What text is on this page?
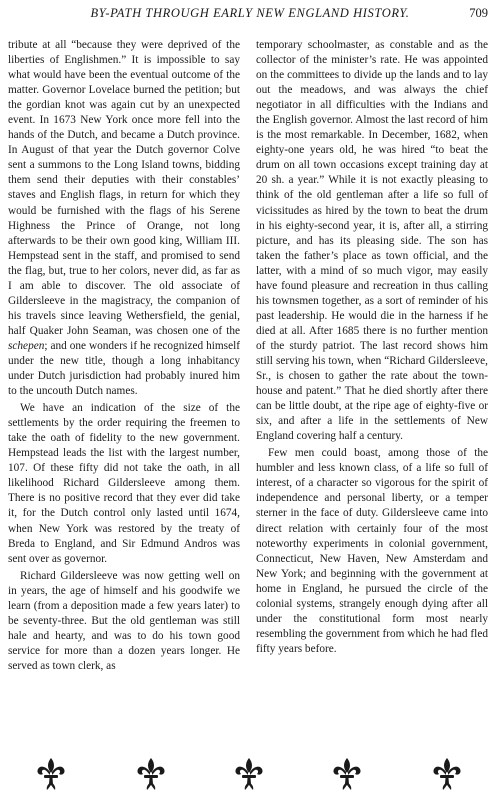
BY-PATH THROUGH EARLY NEW ENGLAND HISTORY.	709

tribute at all “because they were deprived of the liberties of Englishmen.” It is impossible to say what would have been the eventual outcome of the matter. Governor Lovelace burned the petition; but the gordian knot was again cut by an unexpected event. In 1673 New York once more fell into the hands of the Dutch, and became a Dutch province. In August of that year the Dutch governor Colve sent a summons to the Long Island towns, bidding them send their deputies with their constables’ staves and English flags, in return for which they would be furnished with the flags of his Serene Highness the Prince of Orange, not long afterwards to be their own good king, William III. Hempstead sent in the staff, and promised to send the flag, but, true to her colors, never did, as far as I am able to discover. The old associate of Gildersleeve in the magistracy, the companion of his travels since leaving Wethersfield, the genial, half Quaker John Seaman, was chosen one of the schepen; and one wonders if he recognized himself under the new title, though a long inhabitancy under Dutch jurisdiction had probably inured him to the uncouth Dutch names.

We have an indication of the size of the settlements by the order requiring the freemen to take the oath of fidelity to the new government. Hempstead leads the list with the largest number, 107. Of these fifty did not take the oath, in all likelihood Richard Gildersleeve among them. There is no positive record that they ever did take it, for the Dutch control only lasted until 1674, when New York was restored by the treaty of Breda to England, and Sir Edmund Andros was sent over as governor.

Richard Gildersleeve was now getting well on in years, the age of himself and his goodwife we learn (from a deposition made a few years later) to be seventy-three. But the old gentleman was still hale and hearty, and was to do his town good service for more than a dozen years longer. He served as town clerk, as

temporary schoolmaster, as constable and as the collector of the minister’s rate. He was appointed on the committees to divide up the lands and to lay out the meadows, and was always the chief negotiator in all difficulties with the Indians and the English governor. Almost the last record of him is the most remarkable. In December, 1682, when eighty-one years old, he was hired “to beat the drum on all town occasions except training day at 20 sh. a year.” While it is not exactly pleasing to think of the old gentleman after a life so full of vicissitudes as hired by the town to beat the drum in his eighty-second year, it is, after all, a stirring picture, and has its pleasing side. The son has taken the father’s place as town official, and the latter, with a mind of so much vigor, may easily have found pleasure and recreation in thus calling his townsmen together, as a sort of reminder of his past leadership. He would die in the harness if he died at all. After 1685 there is no further mention of the sturdy patriot. The last record shows him still serving his town, when “Richard Gildersleeve, Sr., is chosen to gather the rate about the town-house and patent.” That he died shortly after there can be little doubt, at the ripe age of eighty-five or six, and after a life in the settlements of New England covering half a century.

Few men could boast, among those of the humbler and less known class, of a life so full of interest, of a character so vigorous for the spirit of independence and personal liberty, or a temper sterner in the face of duty. Gildersleeve came into direct relation with certainly four of the most noteworthy experiments in colonial government, Connecticut, New Haven, New Amsterdam and New York; and beginning with the government at home in England, he pursued the circle of the colonial systems, strangely enough dying after all under the constitutional form most nearly resembling the government from which he had fled fifty years before.
